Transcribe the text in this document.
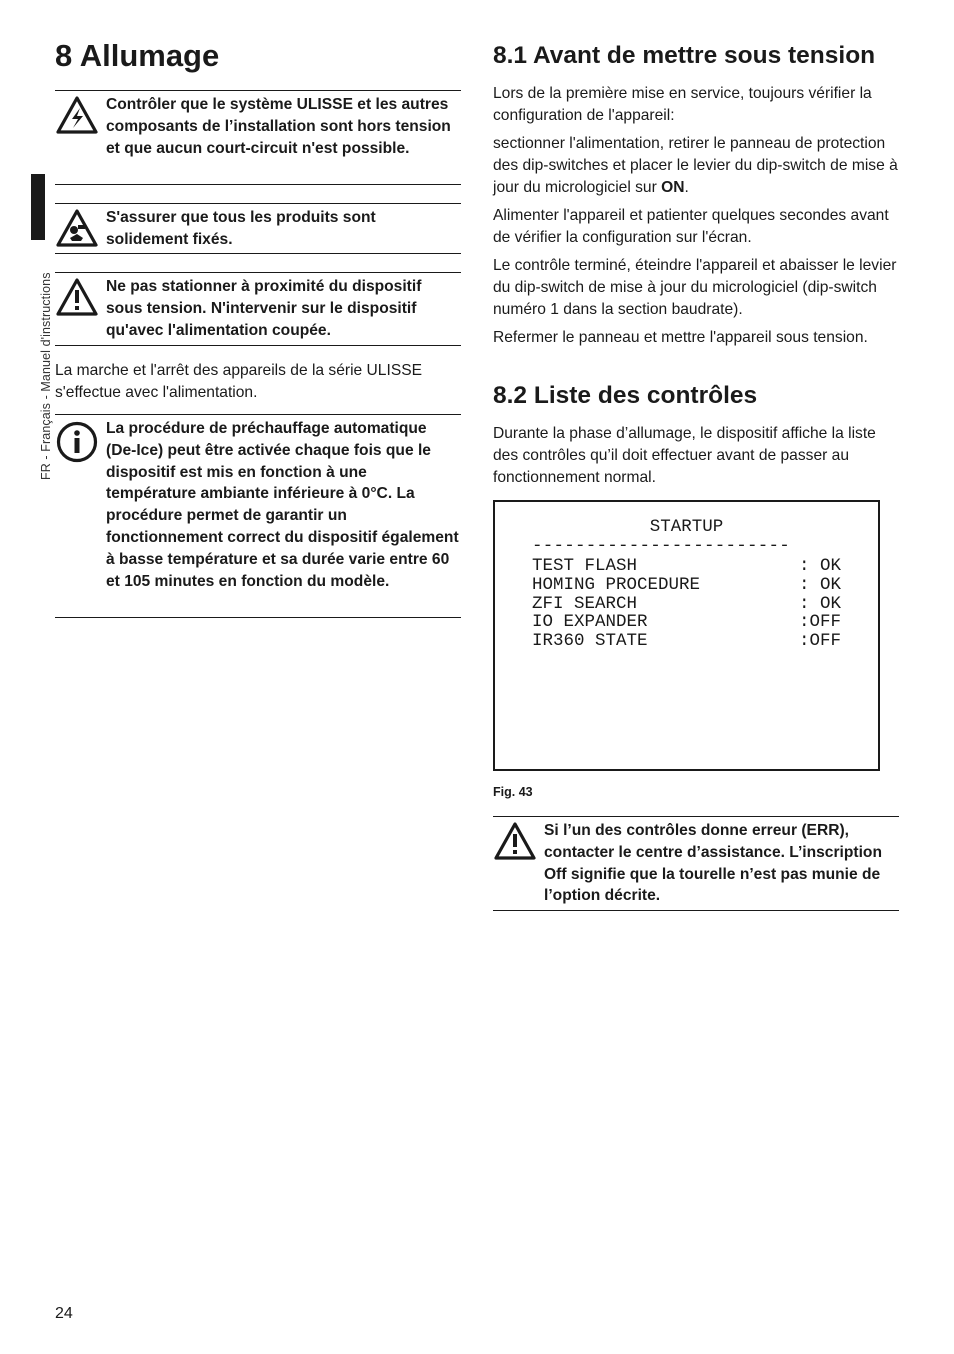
FR - Français - Manuel d'instructions
24
8 Allumage
Contrôler que le système ULISSE et les autres composants de l’installation sont hors tension et que aucun court-circuit n'est possible.
S'assurer que tous les produits sont solidement fixés.
Ne pas stationner à proximité du dispositif sous tension. N'intervenir sur le dispositif qu'avec l'alimentation coupée.

La marche et l'arrêt des appareils de la série ULISSE s'effectue avec l'alimentation.

La procédure de préchauffage automatique (De-Ice) peut être activée chaque fois que le dispositif est mis en fonction à une température ambiante inférieure à 0°C. La procédure permet de garantir un fonctionnement correct du dispositif également à basse température et sa durée varie entre 60 et 105 minutes en fonction du modèle.
8.1 Avant de mettre sous tension

Lors de la première mise en service, toujours vérifier la configuration de l'appareil:

sectionner l'alimentation, retirer le panneau de protection des dip-switches et placer le levier du dip-switch de mise à jour du micrologiciel sur ON.

Alimenter l'appareil et patienter quelques secondes avant de vérifier la configuration sur l'écran.

Le contrôle terminé, éteindre l'appareil et abaisser le levier du dip-switch de mise à jour du micrologiciel (dip-switch numéro 1 dans la section baudrate).

Refermer le panneau et mettre l'appareil sous tension.

8.2 Liste des contrôles

Durante la phase d’allumage, le dispositif affiche la liste des contrôles qu’il doit effectuer avant de passer au fonctionnement normal.

STARTUP
------------------------
TEST FLASH	: OK
HOMING PROCEDURE	: OK
ZFI SEARCH	: OK
IO EXPANDER	:OFF
IR360 STATE	:OFF
Fig. 43
Si l’un des contrôles donne erreur (ERR), contacter le centre d’assistance. L’inscription Off signifie que la tourelle n’est pas munie de l’option décrite.
